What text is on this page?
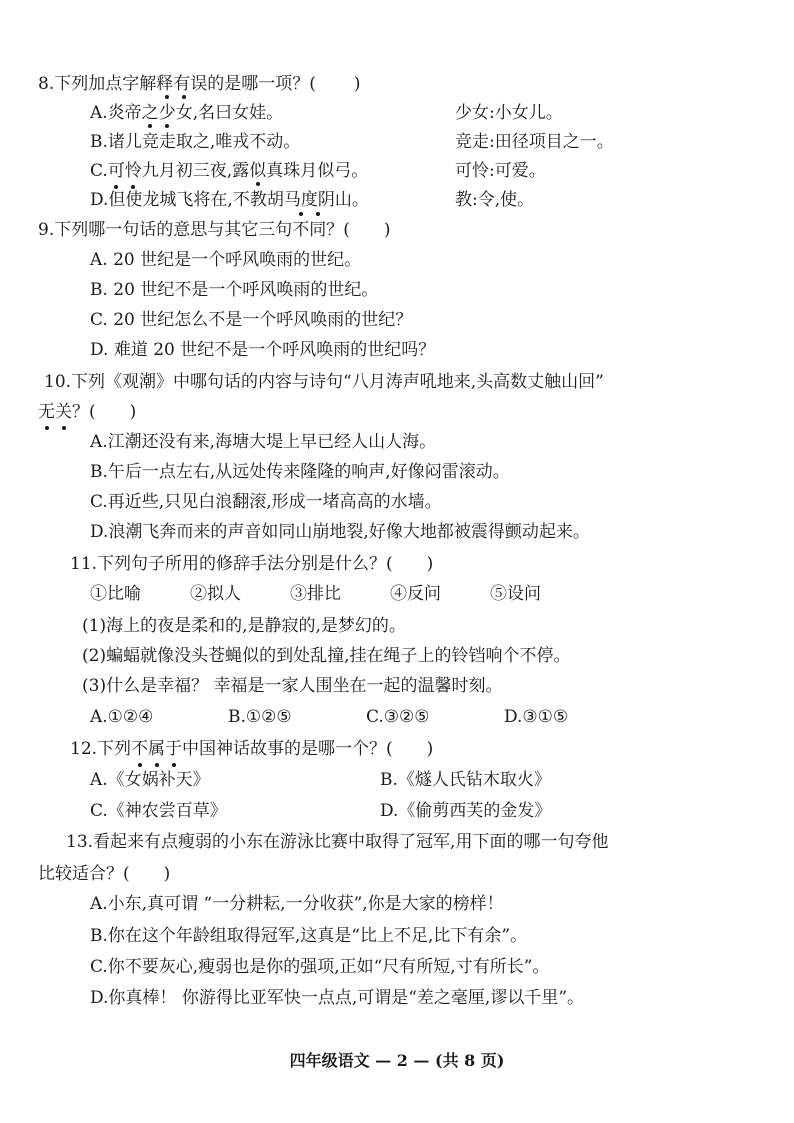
8.下列加点字解释有误的是哪一项？( )
A.炎帝之少女,名曰女娃。	少女:小女儿。
B.诸儿竞走取之,唯戎不动。	竞走:田径项目之一。
C.可怜九月初三夜,露似真珠月似弓。	可怜:可爱。
D.但使龙城飞将在,不教胡马度阴山。	教:令,使。
9.下列哪一句话的意思与其它三句不同？(　　)
A. 20 世纪是一个呼风唤雨的世纪。
B. 20 世纪不是一个呼风唤雨的世纪。
C. 20 世纪怎么不是一个呼风唤雨的世纪？
D. 难道 20 世纪不是一个呼风唤雨的世纪吗？
10.下列《观潮》中哪句话的内容与诗句“八月涛声吼地来,头高数丈触山回”
无关？(　　)
A.江潮还没有来,海塘大堤上早已经人山人海。
B.午后一点左右,从远处传来隆隆的响声,好像闷雷滚动。
C.再近些,只见白浪翻滚,形成一堵高高的水墙。
D.浪潮飞奔而来的声音如同山崩地裂,好像大地都被震得颤动起来。
11.下列句子所用的修辞手法分别是什么？(　　)
①比喻	②拟人	③排比	④反问	⑤设问
(1)海上的夜是柔和的,是静寂的,是梦幻的。
(2)蝙蝠就像没头苍蝇似的到处乱撞,挂在绳子上的铃铛响个不停。
(3)什么是幸福？ 幸福是一家人围坐在一起的温馨时刻。
A.①②④	B.①②⑤	C.③②⑤	D.③①⑤
12.下列不属于中国神话故事的是哪一个？(　　)
A.《女娲补天》	B.《燧人氏钻木取火》
C.《神农尝百草》	D.《偷剪西芙的金发》
13.看起来有点瘦弱的小东在游泳比赛中取得了冠军,用下面的哪一句夸他
比较适合？(　　)
A.小东,真可谓 “一分耕耘,一分收获”,你是大家的榜样！
B.你在这个年龄组取得冠军,这真是“比上不足,比下有余”。
C.你不要灰心,瘦弱也是你的强项,正如“尺有所短,寸有所长”。
D.你真棒！ 你游得比亚军快一点点,可谓是“差之毫厘,谬以千里”。
四年级语文 — 2 — (共 8 页)
